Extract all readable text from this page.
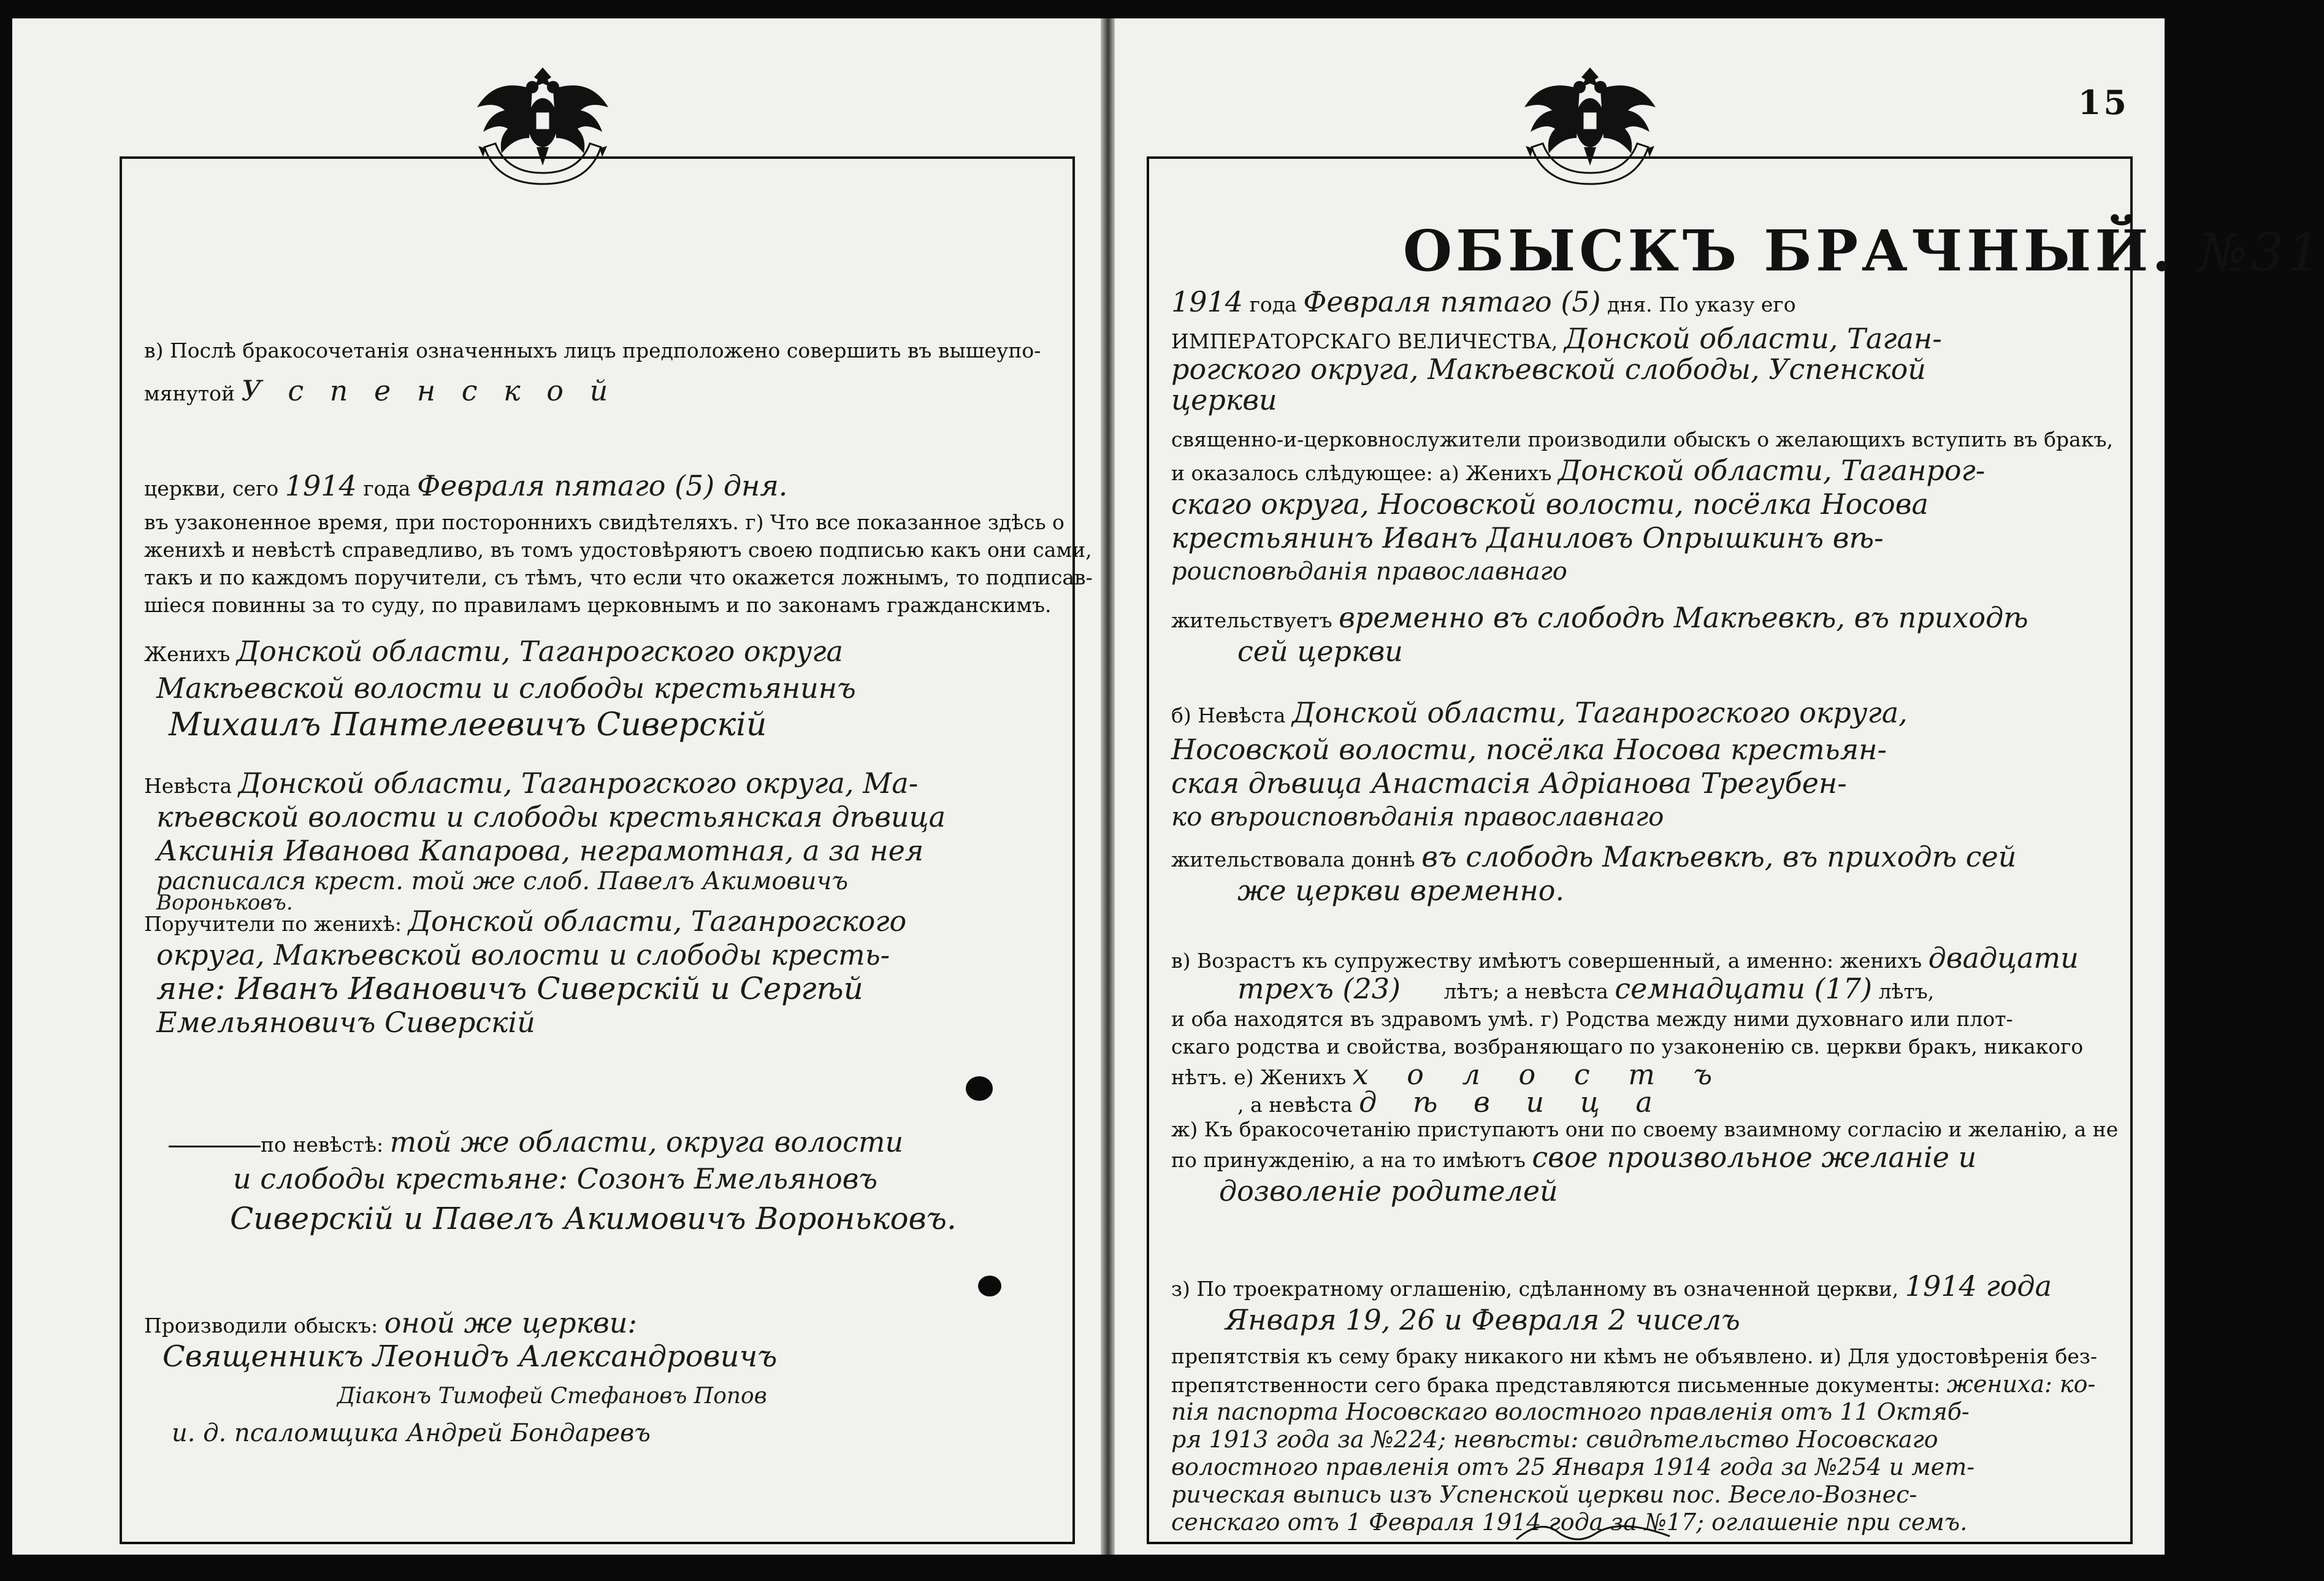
в) Послѣ бракосочетанія означенныхъ лицъ предположено совершить въ вышеупо-
мянутой У с п е н с к о й
церкви, сего 1914 года Февраля пятаго (5) дня.
въ узаконенное время, при постороннихъ свидѣтеляхъ. г) Что все показанное здѣсь о
женихѣ и невѣстѣ справедливо, въ томъ удостовѣряютъ своею подписью какъ они сами,
такъ и по каждомъ поручители, съ тѣмъ, что если что окажется ложнымъ, то подписав-
шіеся повинны за то суду, по правиламъ церковнымъ и по законамъ гражданскимъ.
Женихъ Донской области, Таганрогского округа
Макѣевской волости и слободы крестьянинъ
Михаилъ Пантелеевичъ Сиверскій
Невѣста Донской области, Таганрогского округа, Ма-
кѣевской волости и слободы крестьянская дѣвица
Аксинія Иванова Капарова, неграмотная, а за нея
расписался крест. той же слоб. Павелъ Акимовичъ
Вороньковъ.
Поручители по женихѣ: Донской области, Таганрогского
округа, Макѣевской волости и слободы кресть-
яне: Иванъ Ивановичъ Сиверскій и Сергѣй
Емельяновичъ Сиверскій
по невѣстѣ: той же области, округа волости
и слободы крестьяне: Созонъ Емельяновъ
Сиверскій и Павелъ Акимовичъ Вороньковъ.
Производили обыскъ: оной же церкви:
Священникъ Леонидъ Александровичъ
Діаконъ Тимофей Стефановъ Попов
и. д. псаломщика Андрей Бондаревъ
15
ОБЫСКЪ БРАЧНЫЙ. №31
1914 года Февраля пятаго (5) дня. По указу его
ИМПЕРАТОРСКАГО ВЕЛИЧЕСТВА, Донской области, Таган-
рогского округа, Макѣевской слободы, Успенской
церкви
священно-и-церковнослужители производили обыскъ о желающихъ вступить въ бракъ,
и оказалось слѣдующее: а) Женихъ Донской области, Таганрог-
скаго округа, Носовской волости, посёлка Носова
крестьянинъ Иванъ Даниловъ Опрышкинъ вѣ-
роисповѣданія православнаго
жительствуетъ временно въ слободѣ Макѣевкѣ, въ приходѣ
сей церкви
б) Невѣста Донской области, Таганрогского округа,
Носовской волости, посёлка Носова крестьян-
ская дѣвица Анастасія Адріанова Трегубен-
ко вѣроисповѣданія православнаго
жительствовала доннѣ въ слободѣ Макѣевкѣ, въ приходѣ сей
же церкви временно.
в) Возрастъ къ супружеству имѣютъ совершенный, а именно: женихъ двадцати
трехъ (23) лѣтъ; а невѣста семнадцати (17) лѣтъ,
и оба находятся въ здравомъ умѣ. г) Родства между ними духовнаго или плот-
скаго родства и свойства, возбраняющаго по узаконенію св. церкви бракъ, никакого
нѣтъ. е) Женихъ х о л о с т ъ
, а невѣста д ѣ в и ц а
ж) Къ бракосочетанію приступаютъ они по своему взаимному согласію и желанію, а не
по принужденію, а на то имѣютъ свое произвольное желаніе и
дозволеніе родителей
з) По троекратному оглашенію, сдѣланному въ означенной церкви, 1914 года
Января 19, 26 и Февраля 2 чиселъ
препятствія къ сему браку никакого ни кѣмъ не объявлено. и) Для удостовѣренія без-
препятственности сего брака представляются письменные документы: жениха: ко-
пія паспорта Носовскаго волостного правленія отъ 11 Октяб-
ря 1913 года за №224; невѣсты: свидѣтельство Носовскаго
волостного правленія отъ 25 Января 1914 года за №254 и мет-
рическая выпись изъ Успенской церкви пос. Весело-Вознес-
сенскаго отъ 1 Февраля 1914 года за №17; оглашеніе при семъ.
